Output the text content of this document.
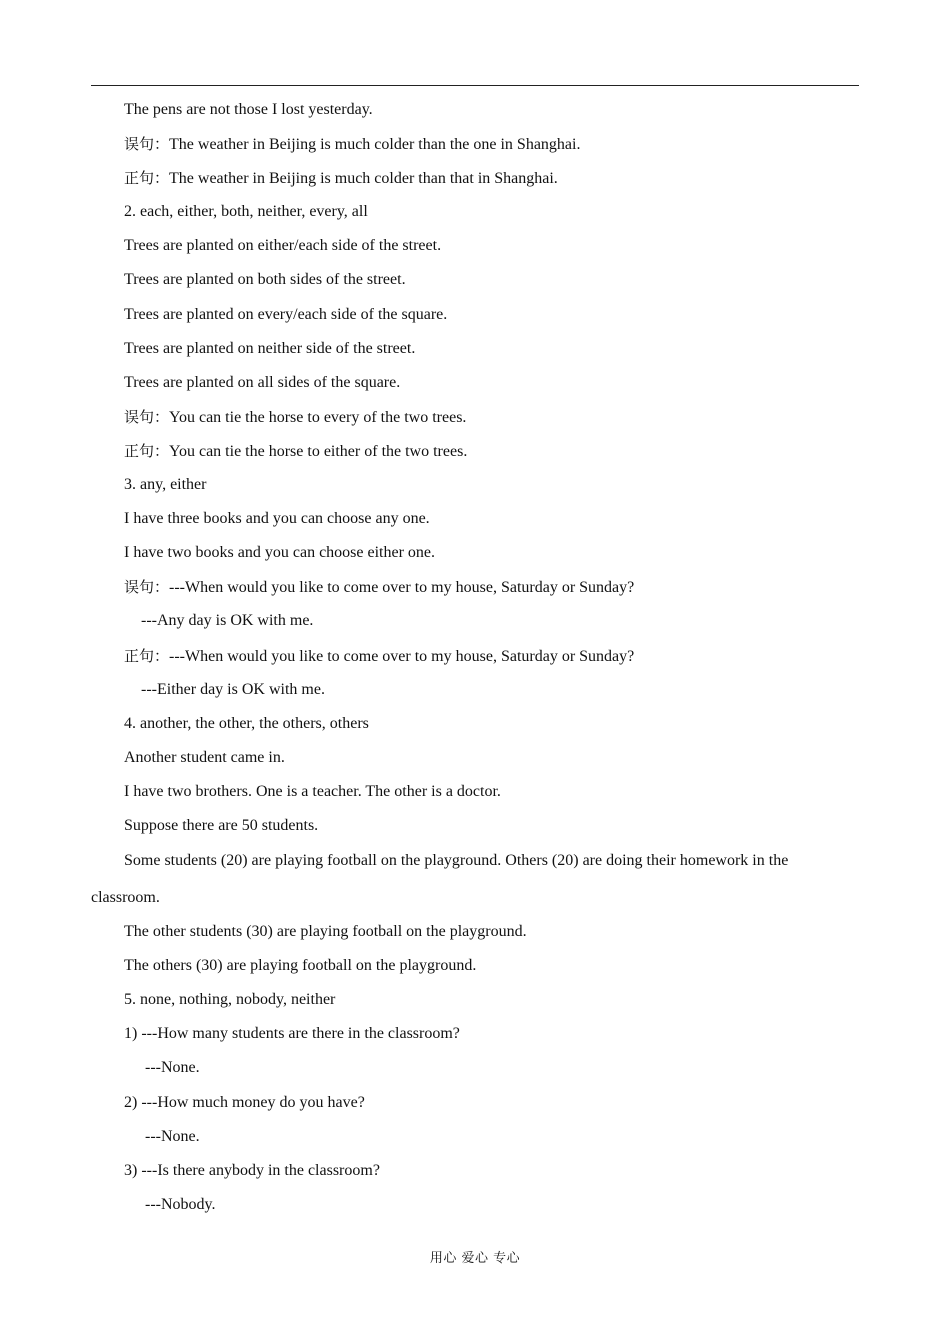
The pens are not those I lost yesterday.

误句：The weather in Beijing is much colder than the one in Shanghai.

正句：The weather in Beijing is much colder than that in Shanghai.

2. each, either, both, neither, every, all

Trees are planted on either/each side of the street.

Trees are planted on both sides of the street.

Trees are planted on every/each side of the square.

Trees are planted on neither side of the street.

Trees are planted on all sides of the square.

误句：You can tie the horse to every of the two trees.

正句：You can tie the horse to either of the two trees.

3. any, either

I have three books and you can choose any one.

I have two books and you can choose either one.

误句：---When would you like to come over to my house, Saturday or Sunday?

---Any day is OK with me.

正句：---When would you like to come over to my house, Saturday or Sunday?

---Either day is OK with me.

4. another, the other, the others, others

Another student came in.

I have two brothers. One is a teacher. The other is a doctor.

Suppose there are 50 students.

Some students (20) are playing football on the playground. Others (20) are doing their homework in the classroom.

The other students (30) are playing football on the playground.

The others (30) are playing football on the playground.

5. none, nothing, nobody, neither

1) ---How many students are there in the classroom?

---None.

2) ---How much money do you have?

---None.

3) ---Is there anybody in the classroom?

---Nobody.

用心 爱心 专心
